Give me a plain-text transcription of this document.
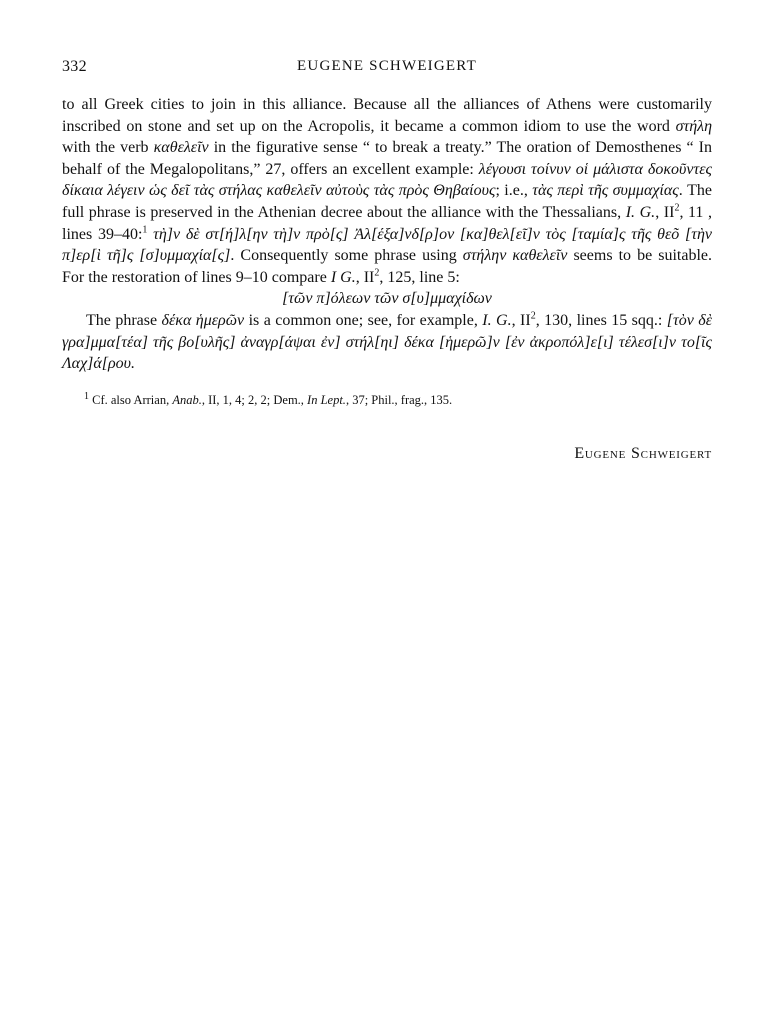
332	EUGENE SCHWEIGERT

to all Greek cities to join in this alliance. Because all the alliances of Athens were customarily inscribed on stone and set up on the Acropolis, it became a common idiom to use the word στήλη with the verb καθελεῖν in the figurative sense “ to break a treaty.” The oration of Demosthenes “ In behalf of the Megalopolitans,” 27, offers an excellent example: λέγουσι τοίνυν οἱ μάλιστα δοκοῦντες δίκαια λέγειν ὡς δεῖ τὰς στήλας καθελεῖν αὐτοὺς τὰς πρὸς Θηβαίους; i.e., τὰς περὶ τῆς συμμαχίας. The full phrase is preserved in the Athenian decree about the alliance with the Thessalians, I. G., $II^2$, 11 , lines 39–40:$^1$ τὴ]ν δὲ στ[ή]λ[ην τὴ]ν πρὸ[ς] Ἀλ[έξα]νδ[ρ]ον [κα]θελ[εῖ]ν τὸς [ταμία]ς τῆς θεõ [τὴν π]ερ[ὶ τῆ]ς [σ]υμμαχία[ς]. Consequently some phrase using στήλην καθελεῖν seems to be suitable. For the restoration of lines 9–10 compare I G., $II^2$, 125, line 5:

[τῶν π]όλεων τῶν σ[υ]μμαχίδων

The phrase δέκα ἡμερῶν is a common one; see, for example, I. G., $II^2$, 130, lines 15 sqq.: [τὸν δὲ γρα]μμα[τέα] τῆς βο[υλῆς] ἀναγρ[άψαι ἐν] στήλ[ηι] δέκα [ἡμερῶ]ν [ἐν ἀκροπόλ]ε[ι] τέλεσ[ι]ν το[ῖς Λαχ]ά[ρου.

$^1$ Cf. also Arrian, Anab., II, 1, 4; 2, 2; Dem., In Lept., 37; Phil., frag., 135.
Eugene Schweigert
